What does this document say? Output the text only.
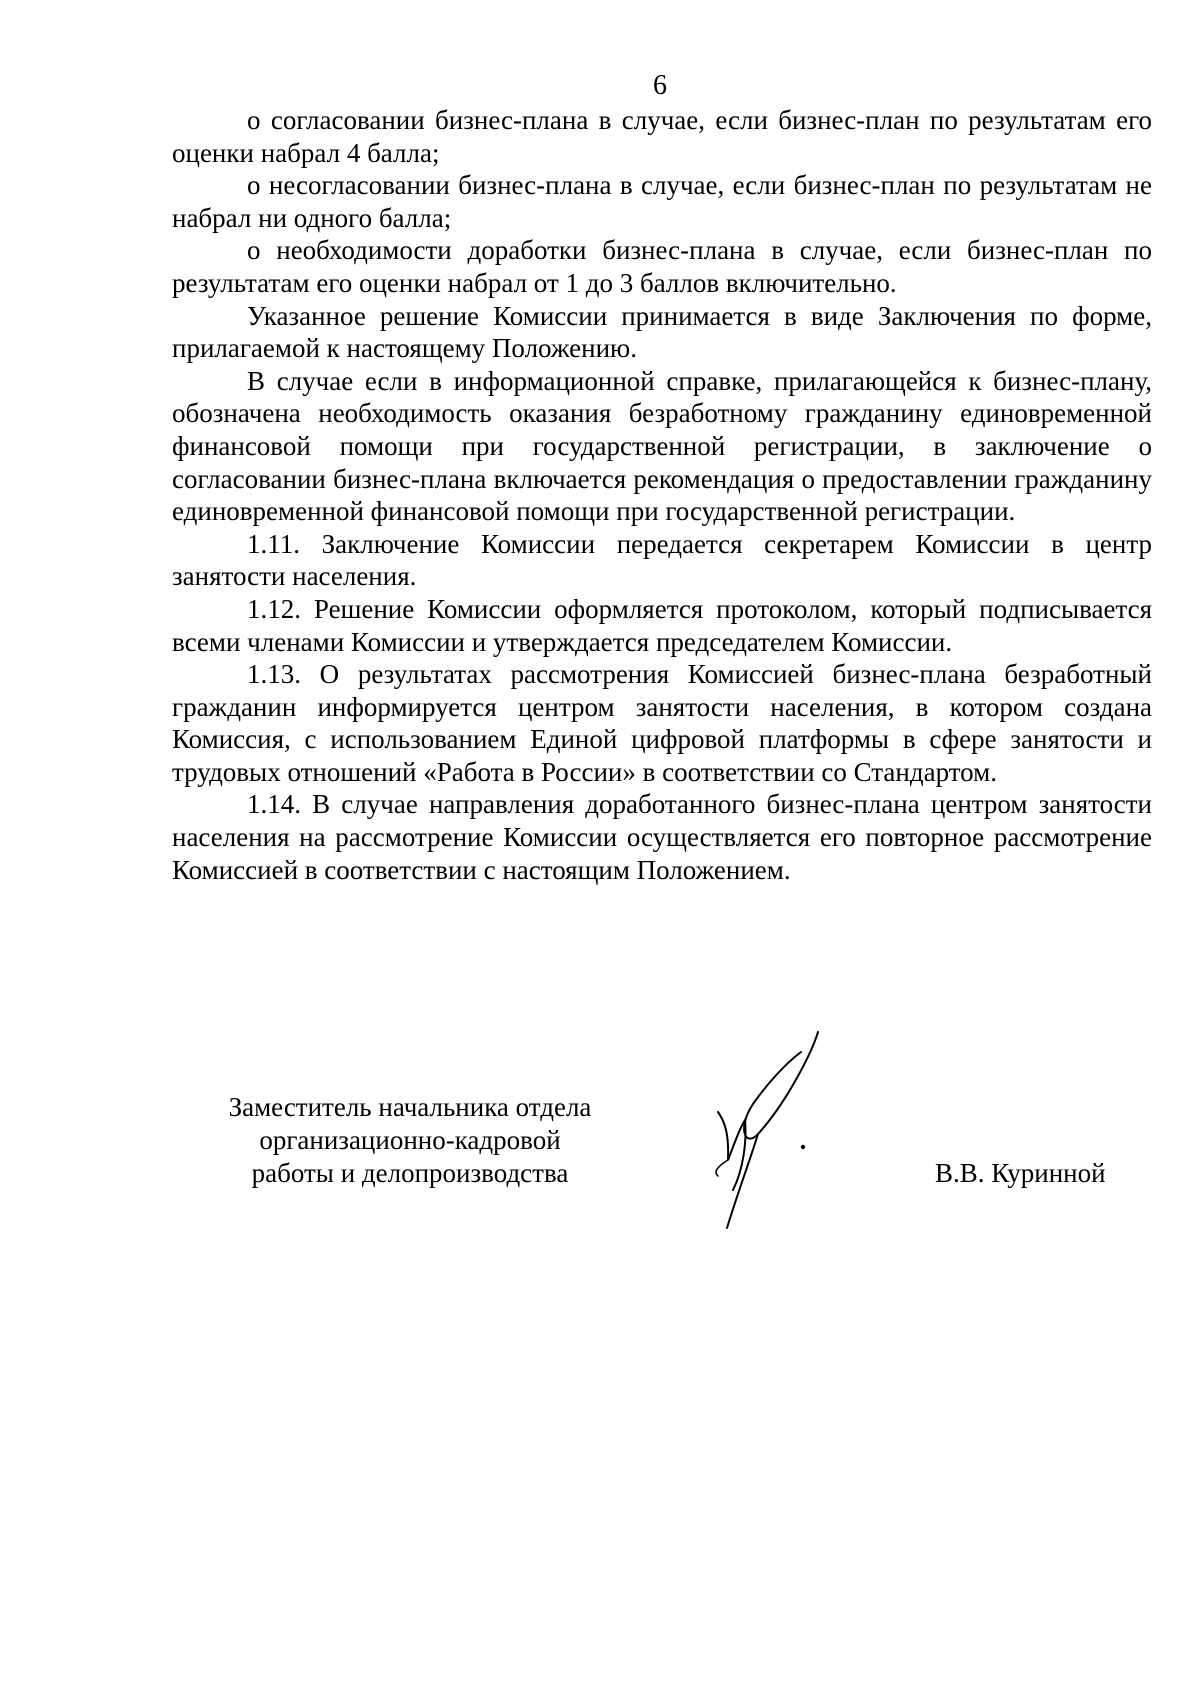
6

о согласовании бизнес-плана в случае, если бизнес-план по результатам его оценки набрал 4 балла;

о несогласовании бизнес-плана в случае, если бизнес-план по результатам не набрал ни одного балла;

о необходимости доработки бизнес-плана в случае, если бизнес-план по результатам его оценки набрал от 1 до 3 баллов включительно.

Указанное решение Комиссии принимается в виде Заключения по форме, прилагаемой к настоящему Положению.

В случае если в информационной справке, прилагающейся к бизнес-плану, обозначена необходимость оказания безработному гражданину единовременной финансовой помощи при государственной регистрации, в заключение о согласовании бизнес-плана включается рекомендация о предоставлении гражданину единовременной финансовой помощи при государственной регистрации.

1.11. Заключение Комиссии передается секретарем Комиссии в центр занятости населения.

1.12. Решение Комиссии оформляется протоколом, который подписывается всеми членами Комиссии и утверждается председателем Комиссии.

1.13. О результатах рассмотрения Комиссией бизнес-плана безработный гражданин информируется центром занятости населения, в котором создана Комиссия, с использованием Единой цифровой платформы в сфере занятости и трудовых отношений «Работа в России» в соответствии со Стандартом.

1.14. В случае направления доработанного бизнес-плана центром занятости населения на рассмотрение Комиссии осуществляется его повторное рассмотрение Комиссией в соответствии с настоящим Положением.

Заместитель начальника отдела
организационно-кадровой
работы и делопроизводства	В.В. Куринной
